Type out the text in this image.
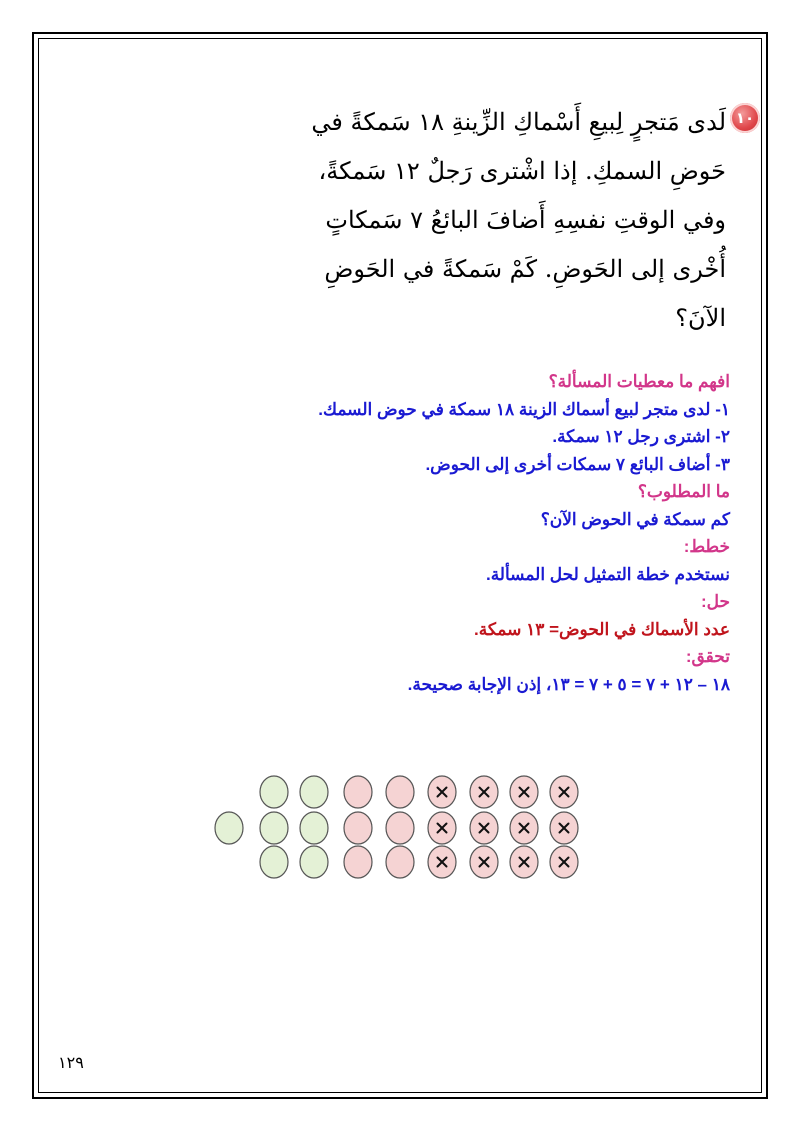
١٠
لَدى مَتجرٍ لِبيعِ أَسْماكِ الزِّينةِ ١٨ سَمكةً في
حَوضِ السمكِ. إذا اشْترى رَجلٌ ١٢ سَمكةً،
وفي الوقتِ نفسِهِ أَضافَ البائعُ ٧ سَمكاتٍ
أُخْرى إلى الحَوضِ. كَمْ سَمكةً في الحَوضِ
الآنَ؟
افهم ما معطيات المسألة؟
١- لدى متجر لبيع أسماك الزينة ١٨ سمكة في حوض السمك.
٢- اشترى رجل ١٢ سمكة.
٣- أضاف البائع ٧ سمكات أخرى إلى الحوض.
ما المطلوب؟
كم سمكة في الحوض الآن؟
خطط:
نستخدم خطة التمثيل لحل المسألة.
حل:
عدد الأسماك في الحوض= ١٣ سمكة.
تحقق:
١٨ – ١٢ + ٧ = ٥ + ٧ = ١٣، إذن الإجابة صحيحة.
١٢٩
